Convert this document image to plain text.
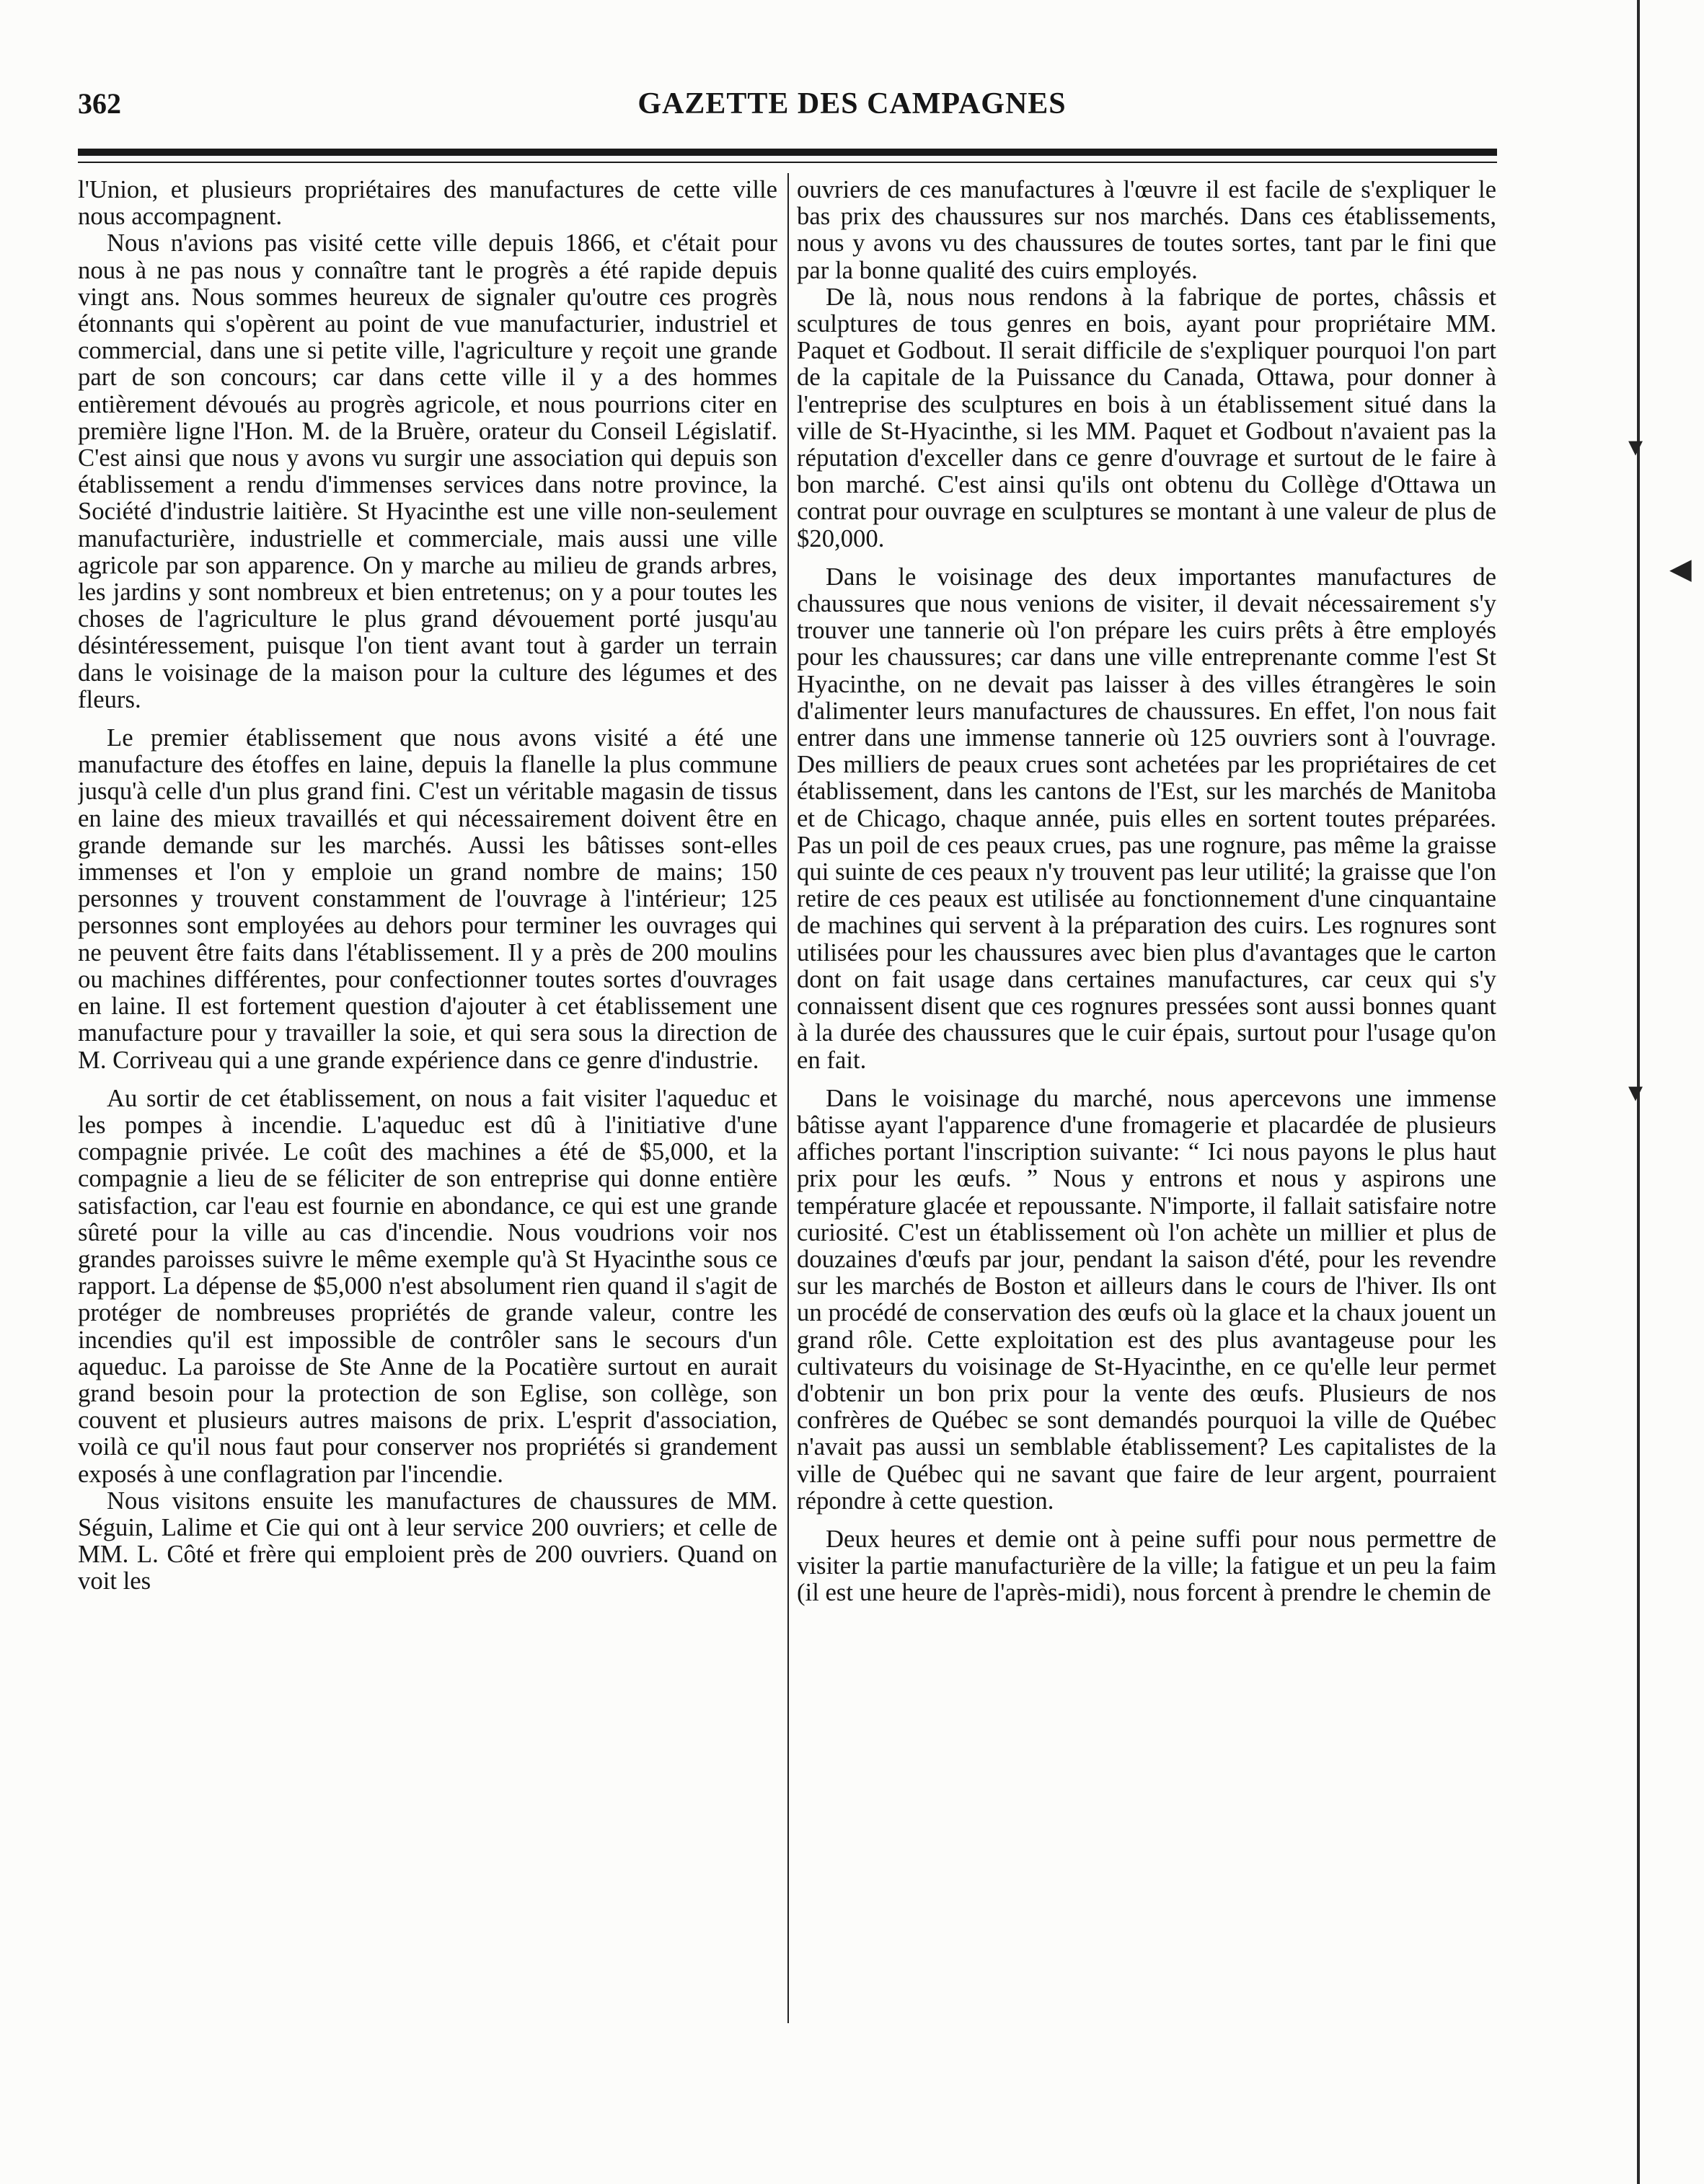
362	GAZETTE DES CAMPAGNES

l'Union, et plusieurs propriétaires des manufactures de cette ville nous accompagnent.

Nous n'avions pas visité cette ville depuis 1866, et c'était pour nous à ne pas nous y connaître tant le progrès a été rapide depuis vingt ans. Nous sommes heureux de signaler qu'outre ces progrès étonnants qui s'opèrent au point de vue manufacturier, industriel et commercial, dans une si petite ville, l'agriculture y reçoit une grande part de son concours; car dans cette ville il y a des hommes entièrement dévoués au progrès agricole, et nous pourrions citer en première ligne l'Hon. M. de la Bruère, orateur du Conseil Législatif. C'est ainsi que nous y avons vu surgir une association qui depuis son établissement a rendu d'immenses services dans notre province, la Société d'industrie laitière. St Hyacinthe est une ville non-seulement manufacturière, industrielle et commerciale, mais aussi une ville agricole par son apparence. On y marche au milieu de grands arbres, les jardins y sont nombreux et bien entretenus; on y a pour toutes les choses de l'agriculture le plus grand dévouement porté jusqu'au désintéressement, puisque l'on tient avant tout à garder un terrain dans le voisinage de la maison pour la culture des légumes et des fleurs.

Le premier établissement que nous avons visité a été une manufacture des étoffes en laine, depuis la flanelle la plus commune jusqu'à celle d'un plus grand fini. C'est un véritable magasin de tissus en laine des mieux travaillés et qui nécessairement doivent être en grande demande sur les marchés. Aussi les bâtisses sont-elles immenses et l'on y emploie un grand nombre de mains; 150 personnes y trouvent constamment de l'ouvrage à l'intérieur; 125 personnes sont employées au dehors pour terminer les ouvrages qui ne peuvent être faits dans l'établissement. Il y a près de 200 moulins ou machines différentes, pour confectionner toutes sortes d'ouvrages en laine. Il est fortement question d'ajouter à cet établissement une manufacture pour y travailler la soie, et qui sera sous la direction de M. Corriveau qui a une grande expérience dans ce genre d'industrie.

Au sortir de cet établissement, on nous a fait visiter l'aqueduc et les pompes à incendie. L'aqueduc est dû à l'initiative d'une compagnie privée. Le coût des machines a été de $5,000, et la compagnie a lieu de se féliciter de son entreprise qui donne entière satisfaction, car l'eau est fournie en abondance, ce qui est une grande sûreté pour la ville au cas d'incendie. Nous voudrions voir nos grandes paroisses suivre le même exemple qu'à St Hyacinthe sous ce rapport. La dépense de $5,000 n'est absolument rien quand il s'agit de protéger de nombreuses propriétés de grande valeur, contre les incendies qu'il est impossible de contrôler sans le secours d'un aqueduc. La paroisse de Ste Anne de la Pocatière surtout en aurait grand besoin pour la protection de son Eglise, son collège, son couvent et plusieurs autres maisons de prix. L'esprit d'association, voilà ce qu'il nous faut pour conserver nos propriétés si grandement exposés à une conflagration par l'incendie.

Nous visitons ensuite les manufactures de chaussures de MM. Séguin, Lalime et Cie qui ont à leur service 200 ouvriers; et celle de MM. L. Côté et frère qui emploient près de 200 ouvriers. Quand on voit les

ouvriers de ces manufactures à l'œuvre il est facile de s'expliquer le bas prix des chaussures sur nos marchés. Dans ces établissements, nous y avons vu des chaussures de toutes sortes, tant par le fini que par la bonne qualité des cuirs employés.

De là, nous nous rendons à la fabrique de portes, châssis et sculptures de tous genres en bois, ayant pour propriétaire MM. Paquet et Godbout. Il serait difficile de s'expliquer pourquoi l'on part de la capitale de la Puissance du Canada, Ottawa, pour donner à l'entreprise des sculptures en bois à un établissement situé dans la ville de St-Hyacinthe, si les MM. Paquet et Godbout n'avaient pas la réputation d'exceller dans ce genre d'ouvrage et surtout de le faire à bon marché. C'est ainsi qu'ils ont obtenu du Collège d'Ottawa un contrat pour ouvrage en sculptures se montant à une valeur de plus de $20,000.

Dans le voisinage des deux importantes manufactures de chaussures que nous venions de visiter, il devait nécessairement s'y trouver une tannerie où l'on prépare les cuirs prêts à être employés pour les chaussures; car dans une ville entreprenante comme l'est St Hyacinthe, on ne devait pas laisser à des villes étrangères le soin d'alimenter leurs manufactures de chaussures. En effet, l'on nous fait entrer dans une immense tannerie où 125 ouvriers sont à l'ouvrage. Des milliers de peaux crues sont achetées par les propriétaires de cet établissement, dans les cantons de l'Est, sur les marchés de Manitoba et de Chicago, chaque année, puis elles en sortent toutes préparées. Pas un poil de ces peaux crues, pas une rognure, pas même la graisse qui suinte de ces peaux n'y trouvent pas leur utilité; la graisse que l'on retire de ces peaux est utilisée au fonctionnement d'une cinquantaine de machines qui servent à la préparation des cuirs. Les rognures sont utilisées pour les chaussures avec bien plus d'avantages que le carton dont on fait usage dans certaines manufactures, car ceux qui s'y connaissent disent que ces rognures pressées sont aussi bonnes quant à la durée des chaussures que le cuir épais, surtout pour l'usage qu'on en fait.

Dans le voisinage du marché, nous apercevons une immense bâtisse ayant l'apparence d'une fromagerie et placardée de plusieurs affiches portant l'inscription suivante: “ Ici nous payons le plus haut prix pour les œufs. ” Nous y entrons et nous y aspirons une température glacée et repoussante. N'importe, il fallait satisfaire notre curiosité. C'est un établissement où l'on achète un millier et plus de douzaines d'œufs par jour, pendant la saison d'été, pour les revendre sur les marchés de Boston et ailleurs dans le cours de l'hiver. Ils ont un procédé de conservation des œufs où la glace et la chaux jouent un grand rôle. Cette exploitation est des plus avantageuse pour les cultivateurs du voisinage de St-Hyacinthe, en ce qu'elle leur permet d'obtenir un bon prix pour la vente des œufs. Plusieurs de nos confrères de Québec se sont demandés pourquoi la ville de Québec n'avait pas aussi un semblable établissement? Les capitalistes de la ville de Québec qui ne savant que faire de leur argent, pourraient répondre à cette question.

Deux heures et demie ont à peine suffi pour nous permettre de visiter la partie manufacturière de la ville; la fatigue et un peu la faim (il est une heure de l'après-midi), nous forcent à prendre le chemin de

◀
▾
▾
